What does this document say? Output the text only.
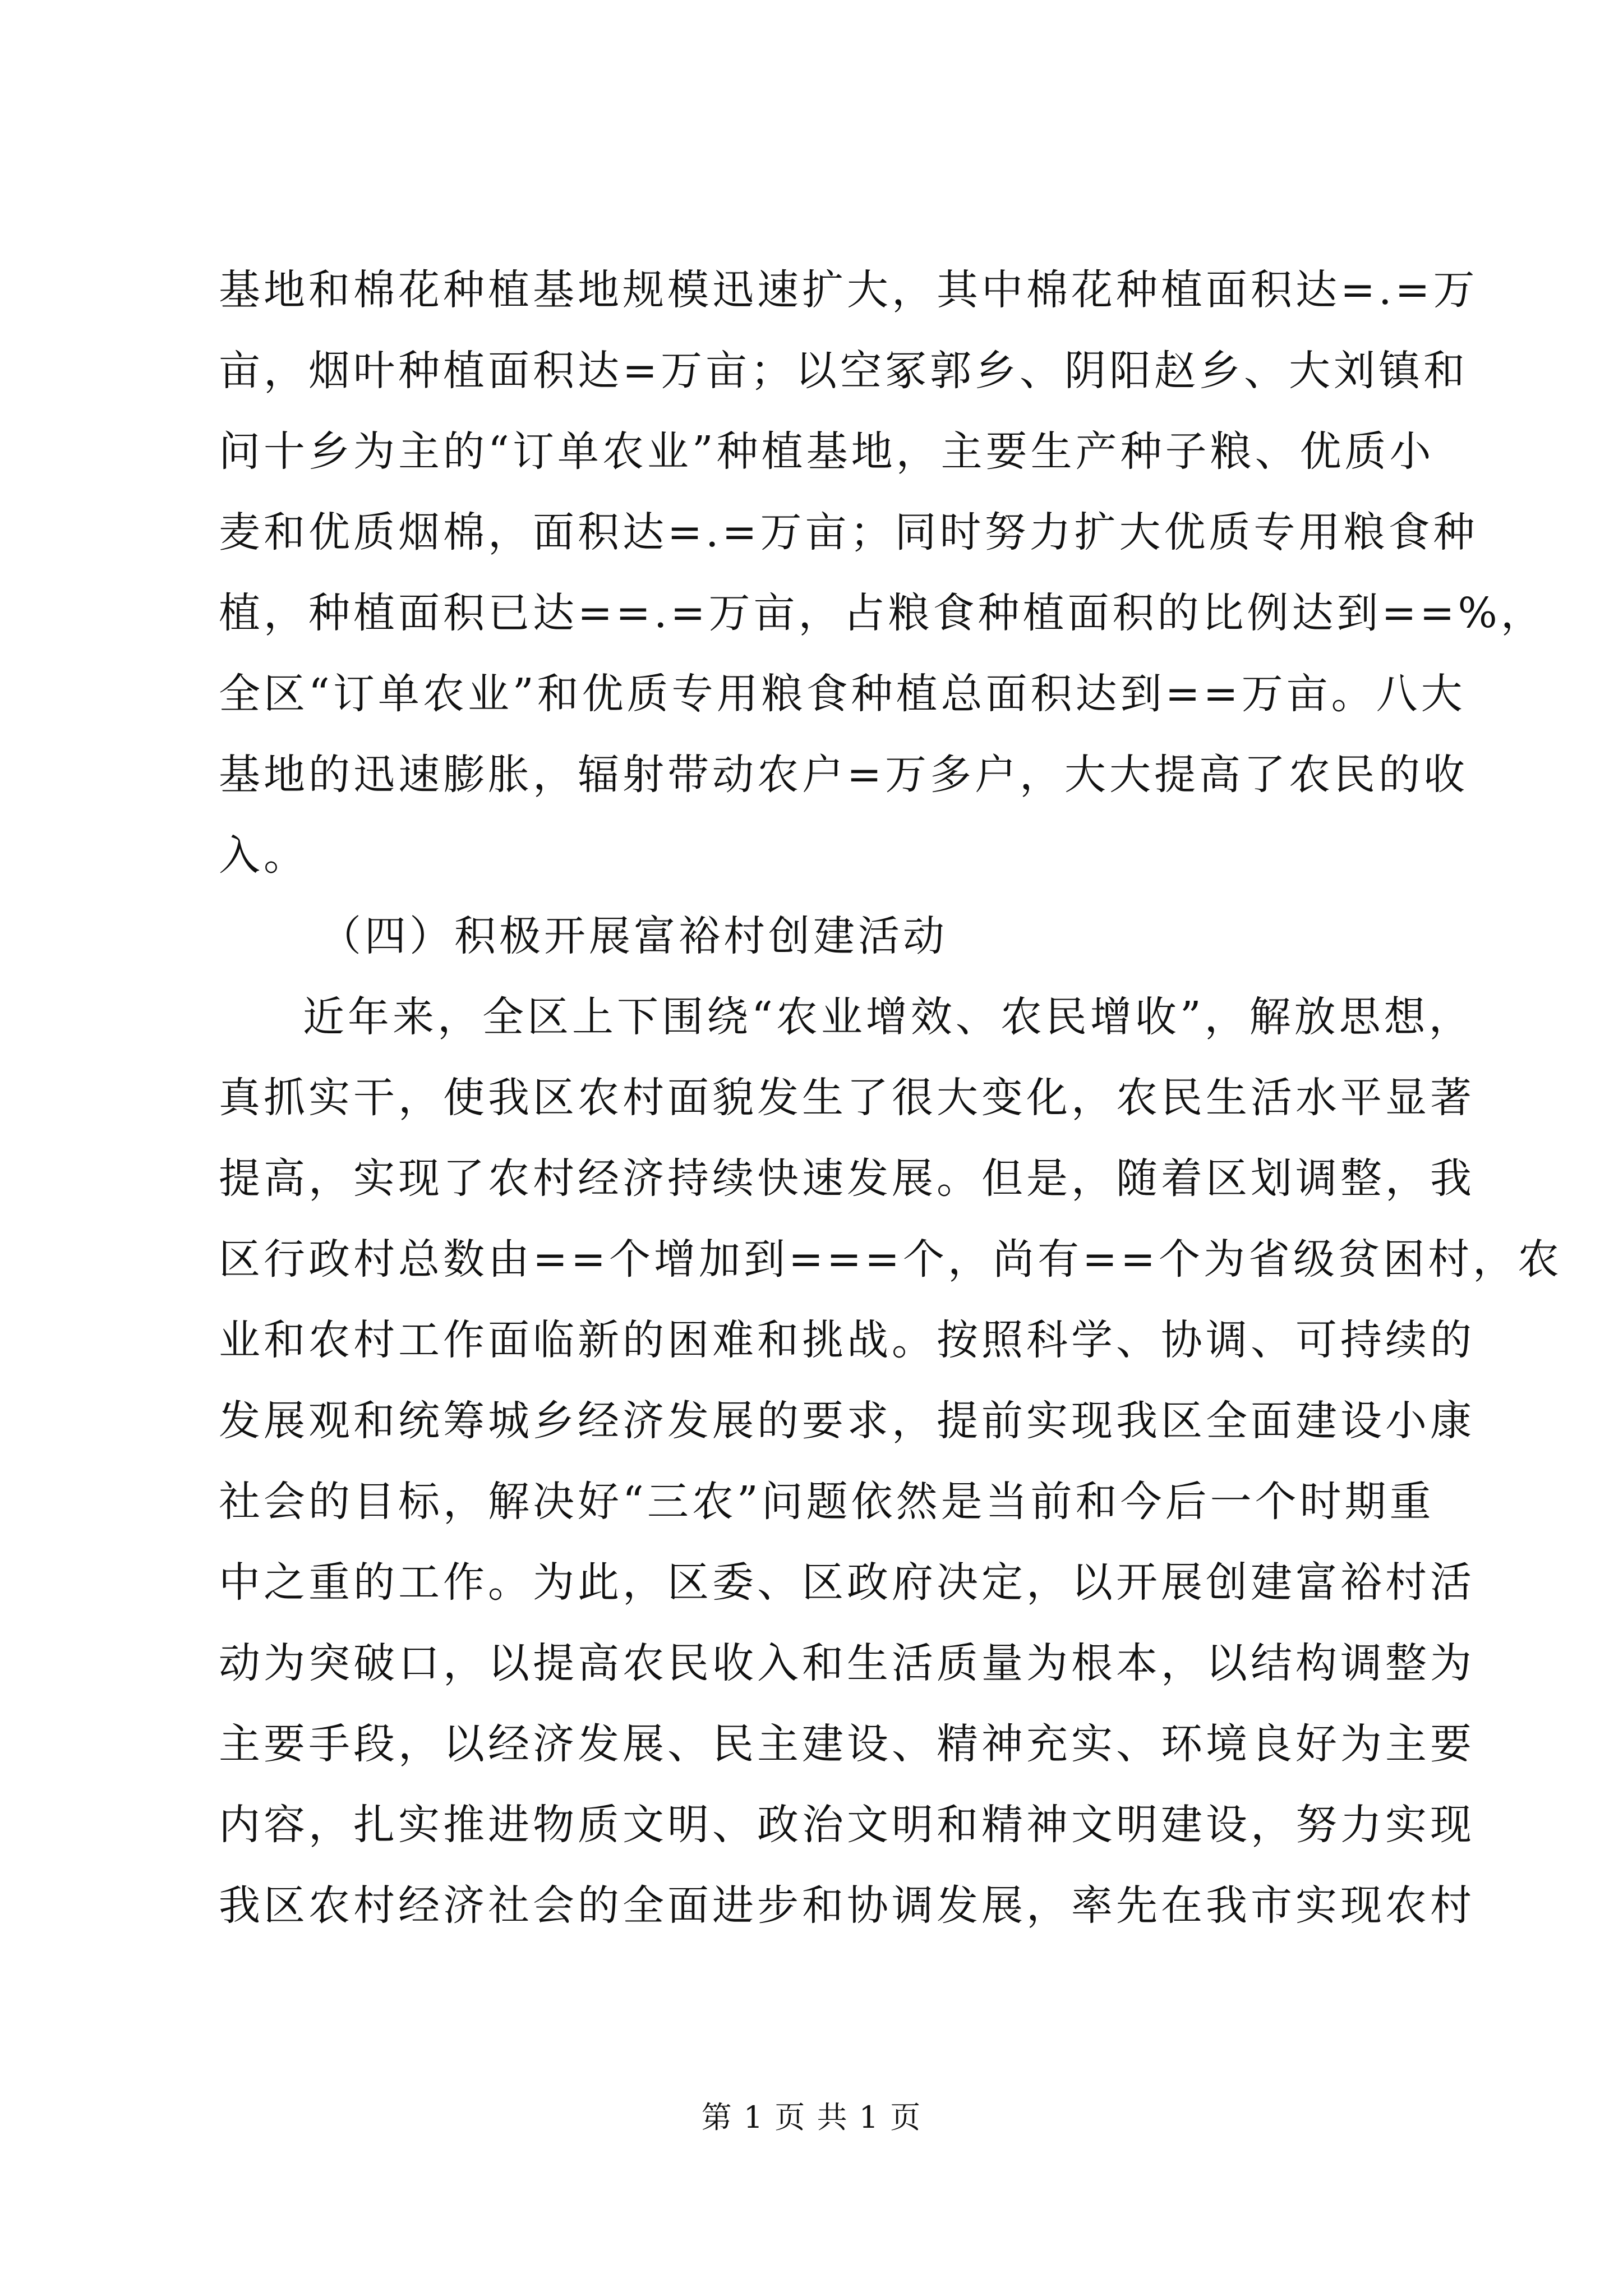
基地和棉花种植基地规模迅速扩大，其中棉花种植面积达=.=万
亩，烟叶种植面积达=万亩；以空冢郭乡、阴阳赵乡、大刘镇和
问十乡为主的“订单农业”种植基地，主要生产种子粮、优质小
麦和优质烟棉，面积达=.=万亩；同时努力扩大优质专用粮食种
植，种植面积已达==.=万亩，占粮食种植面积的比例达到==%，
全区“订单农业”和优质专用粮食种植总面积达到==万亩。八大
基地的迅速膨胀，辐射带动农户=万多户，大大提高了农民的收
入。
（四）积极开展富裕村创建活动
近年来，全区上下围绕“农业增效、农民增收”，解放思想，
真抓实干，使我区农村面貌发生了很大变化，农民生活水平显著
提高，实现了农村经济持续快速发展。但是，随着区划调整，我
区行政村总数由==个增加到===个，尚有==个为省级贫困村，农
业和农村工作面临新的困难和挑战。按照科学、协调、可持续的
发展观和统筹城乡经济发展的要求，提前实现我区全面建设小康
社会的目标，解决好“三农”问题依然是当前和今后一个时期重
中之重的工作。为此，区委、区政府决定，以开展创建富裕村活
动为突破口，以提高农民收入和生活质量为根本，以结构调整为
主要手段，以经济发展、民主建设、精神充实、环境良好为主要
内容，扎实推进物质文明、政治文明和精神文明建设，努力实现
我区农村经济社会的全面进步和协调发展，率先在我市实现农村
第 1 页 共 1 页
